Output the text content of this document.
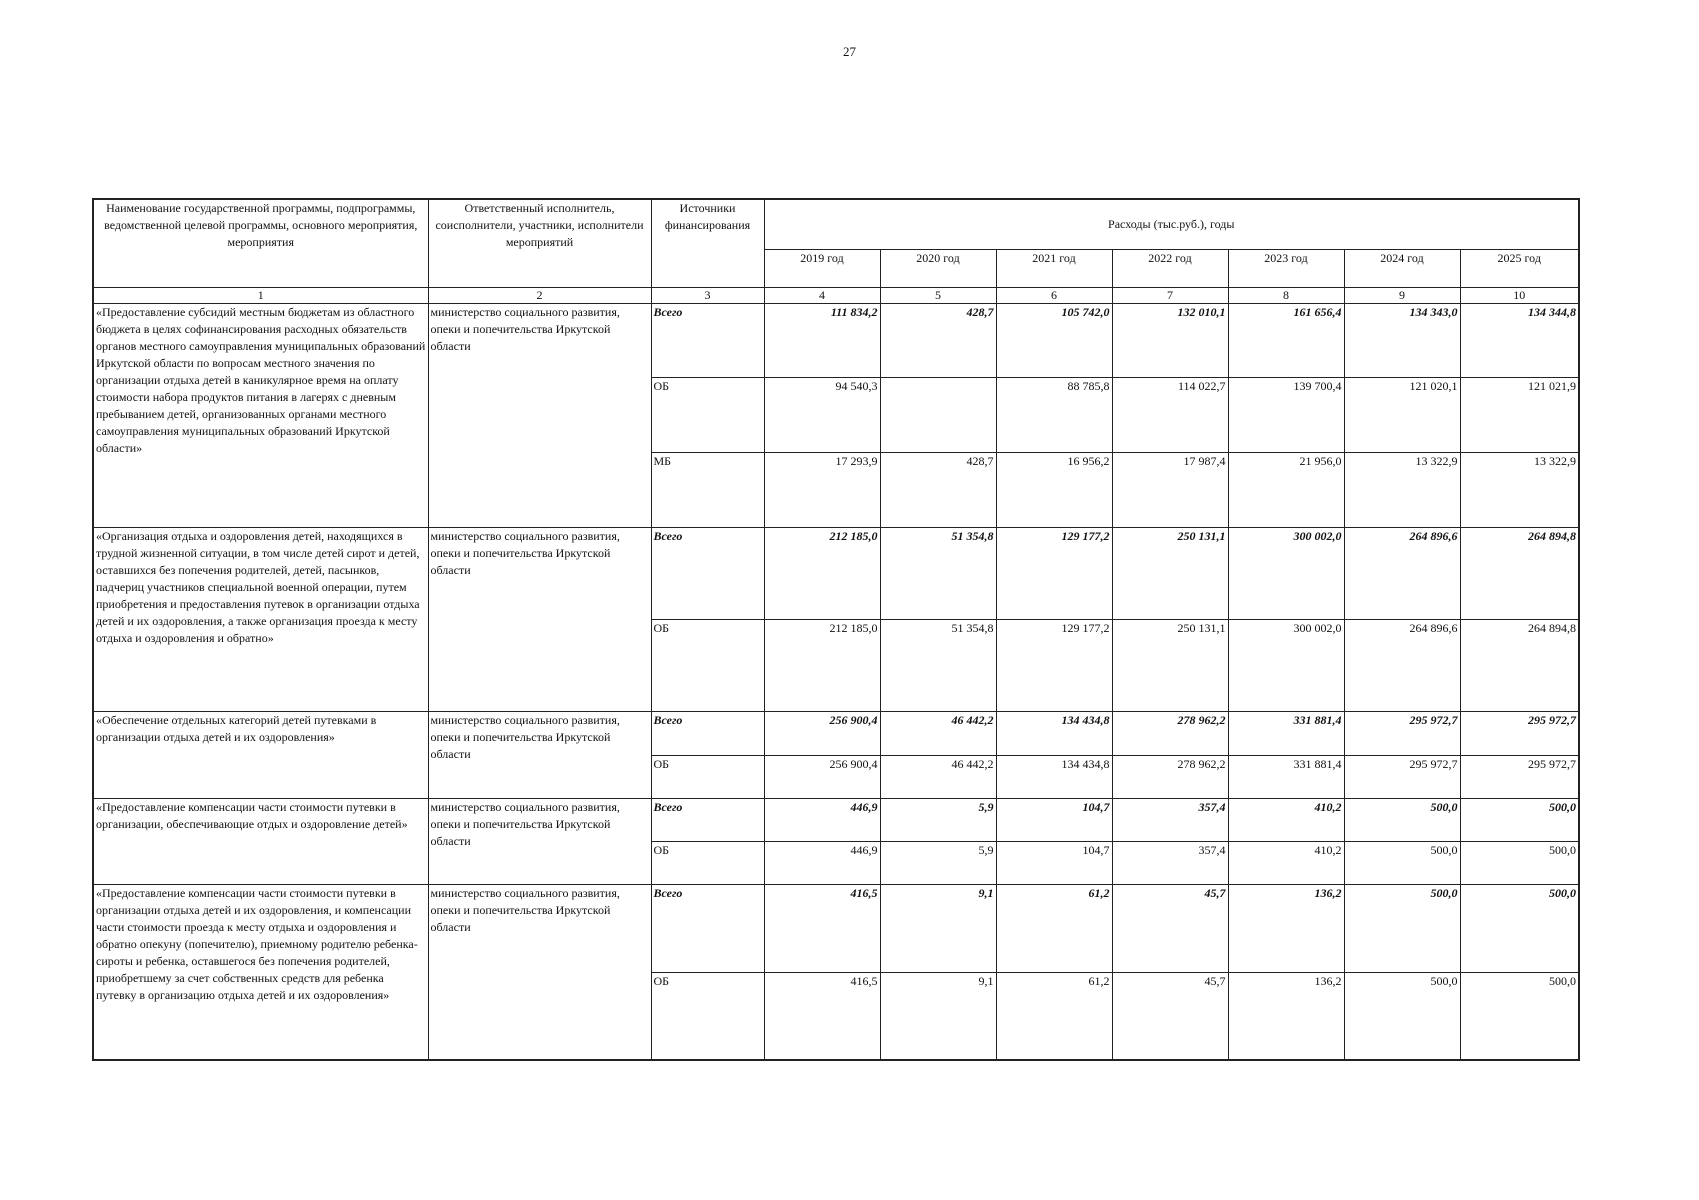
27
Наименование государственной программы, подпрограммы, ведомственной целевой программы, основного мероприятия, мероприятия	Ответственный исполнитель, соисполнители, участники, исполнители мероприятий	Источники финансирования	Расходы (тыс.руб.), годы						
			2019 год	2020 год	2021 год	2022 год	2023 год	2024 год	2025 год
1	2	3	4	5	6	7	8	9	10
«Предоставление субсидий местным бюджетам из областного бюджета в целях софинансирования расходных обязательств органов местного самоуправления муниципальных образований Иркутской области по вопросам местного значения по организации отдыха детей в каникулярное время на оплату стоимости набора продуктов питания в лагерях с дневным пребыванием детей, организованных органами местного самоуправления муниципальных образований Иркутской области»	министерство социального развития, опеки и попечительства Иркутской области	Всего	111 834,2	428,7	105 742,0	132 010,1	161 656,4	134 343,0	134 344,8
		ОБ	94 540,3		88 785,8	114 022,7	139 700,4	121 020,1	121 021,9
		МБ	17 293,9	428,7	16 956,2	17 987,4	21 956,0	13 322,9	13 322,9
«Организация отдыха и оздоровления детей, находящихся в трудной жизненной ситуации, в том числе детей сирот и детей, оставшихся без попечения родителей, детей, пасынков, падчериц участников специальной военной операции, путем приобретения и предоставления путевок в организации отдыха детей и их оздоровления, а также организация проезда к месту отдыха и оздоровления и обратно»	министерство социального развития, опеки и попечительства Иркутской области	Всего	212 185,0	51 354,8	129 177,2	250 131,1	300 002,0	264 896,6	264 894,8
		ОБ	212 185,0	51 354,8	129 177,2	250 131,1	300 002,0	264 896,6	264 894,8
«Обеспечение отдельных категорий детей путевками в организации отдыха детей и их оздоровления»	министерство социального развития, опеки и попечительства Иркутской области	Всего	256 900,4	46 442,2	134 434,8	278 962,2	331 881,4	295 972,7	295 972,7
		ОБ	256 900,4	46 442,2	134 434,8	278 962,2	331 881,4	295 972,7	295 972,7
«Предоставление компенсации части стоимости путевки в организации, обеспечивающие отдых и оздоровление детей»	министерство социального развития, опеки и попечительства Иркутской области	Всего	446,9	5,9	104,7	357,4	410,2	500,0	500,0
		ОБ	446,9	5,9	104,7	357,4	410,2	500,0	500,0
«Предоставление компенсации части стоимости путевки в организации отдыха детей и их оздоровления, и компенсации части стоимости проезда к месту отдыха и оздоровления и обратно опекуну (попечителю), приемному родителю ребенка-сироты и ребенка, оставшегося без попечения родителей, приобретшему за счет собственных средств для ребенка путевку в организацию отдыха детей и их оздоровления»	министерство социального развития, опеки и попечительства Иркутской области	Всего	416,5	9,1	61,2	45,7	136,2	500,0	500,0
		ОБ	416,5	9,1	61,2	45,7	136,2	500,0	500,0
